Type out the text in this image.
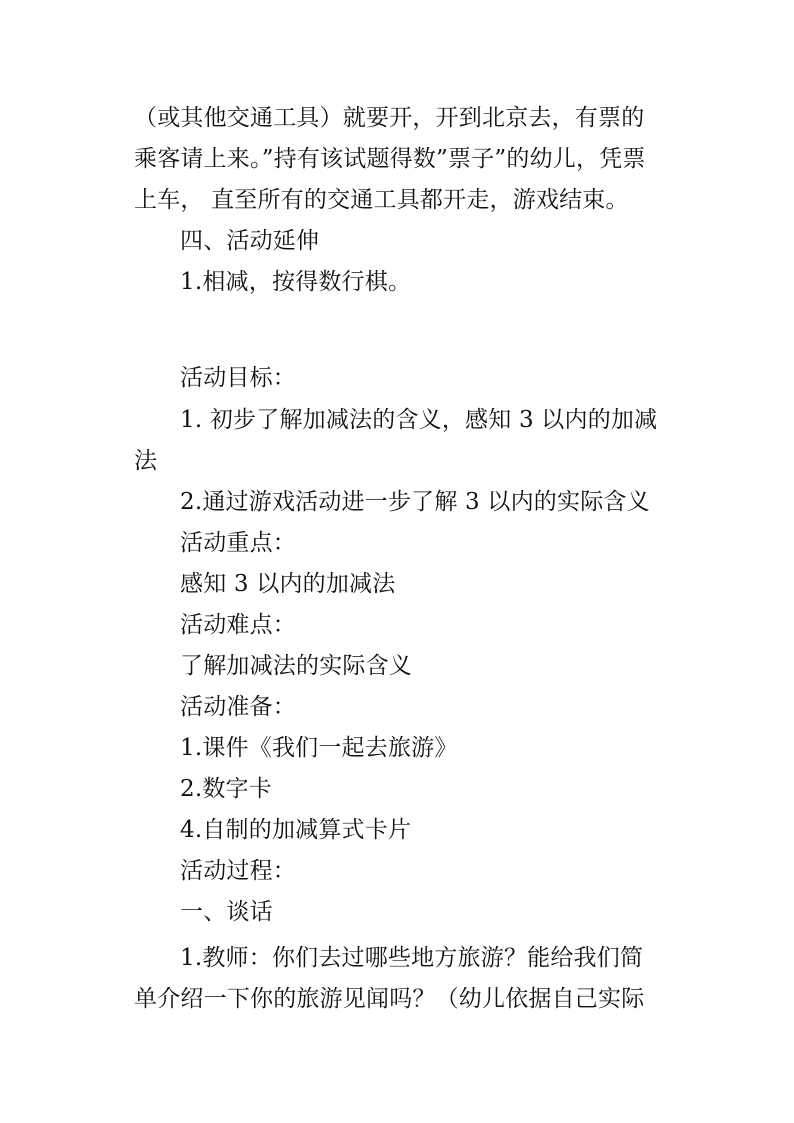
（或其他交通工具）就要开，开到北京去，有票的
乘客请上来。”持有该试题得数”票子”的幼儿，凭票
上车， 直至所有的交通工具都开走，游戏结束。
四、活动延伸
1.相减，按得数行棋。
活动目标：
1. 初步了解加减法的含义，感知 3 以内的加减
法
2.通过游戏活动进一步了解 3 以内的实际含义
活动重点：
感知 3 以内的加减法
活动难点：
了解加减法的实际含义
活动准备：
1.课件《我们一起去旅游》
2.数字卡
4.自制的加减算式卡片
活动过程：
一、谈话
1.教师：你们去过哪些地方旅游？能给我们简
单介绍一下你的旅游见闻吗？（幼儿依据自己实际
